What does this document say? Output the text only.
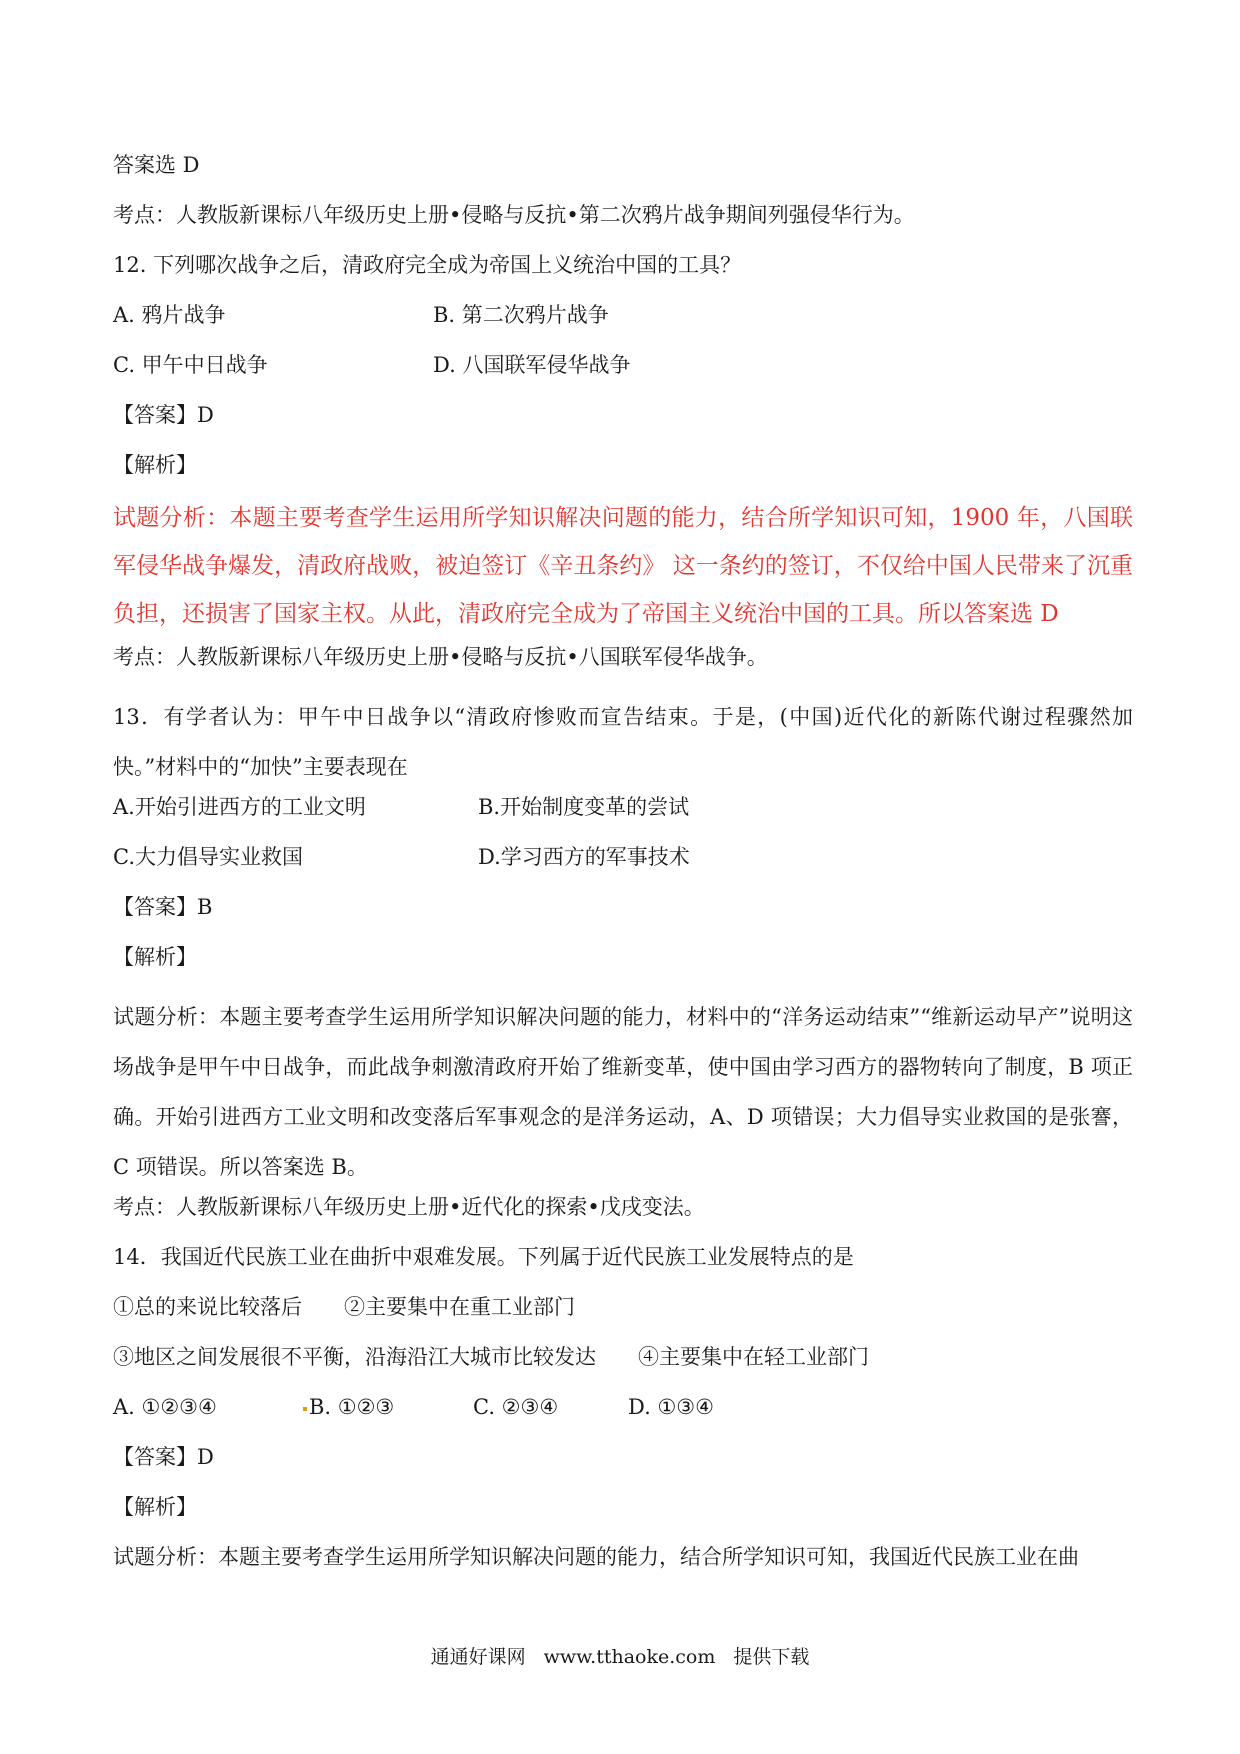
答案选 D

考点：人教版新课标八年级历史上册•侵略与反抗•第二次鸦片战争期间列强侵华行为。

12. 下列哪次战争之后，清政府完全成为帝国上义统治中国的工具？

A. 鸦片战争	B. 第二次鸦片战争
C. 甲午中日战争	D. 八国联军侵华战争

【答案】D

【解析】

试题分析：本题主要考查学生运用所学知识解决问题的能力，结合所学知识可知，1900 年，八国联军侵华战争爆发，清政府战败，被迫签订《辛丑条约》 这一条约的签订，不仅给中国人民带来了沉重负担，还损害了国家主权。从此，清政府完全成为了帝国主义统治中国的工具。所以答案选 D

考点：人教版新课标八年级历史上册•侵略与反抗•八国联军侵华战争。

13．有学者认为：甲午中日战争以“清政府惨败而宣告结束。于是，(中国)近代化的新陈代谢过程骤然加快。”材料中的“加快”主要表现在

A.开始引进西方的工业文明	B.开始制度变革的尝试
C.大力倡导实业救国	D.学习西方的军事技术

【答案】B

【解析】

试题分析：本题主要考查学生运用所学知识解决问题的能力，材料中的“洋务运动结束”“维新运动早产”说明这场战争是甲午中日战争，而此战争刺激清政府开始了维新变革，使中国由学习西方的器物转向了制度，B 项正确。开始引进西方工业文明和改变落后军事观念的是洋务运动，A、D 项错误；大力倡导实业救国的是张謇，C 项错误。所以答案选 B。

考点：人教版新课标八年级历史上册•近代化的探索•戊戌变法。

14．我国近代民族工业在曲折中艰难发展。下列属于近代民族工业发展特点的是

①总的来说比较落后　　②主要集中在重工业部门

③地区之间发展很不平衡，沿海沿江大城市比较发达　　④主要集中在轻工业部门

A. ①②③④	B. ①②③	C. ②③④	D. ①③④

【答案】D

【解析】

试题分析：本题主要考查学生运用所学知识解决问题的能力，结合所学知识可知，我国近代民族工业在曲

通通好课网 www.tthaoke.com 提供下载
